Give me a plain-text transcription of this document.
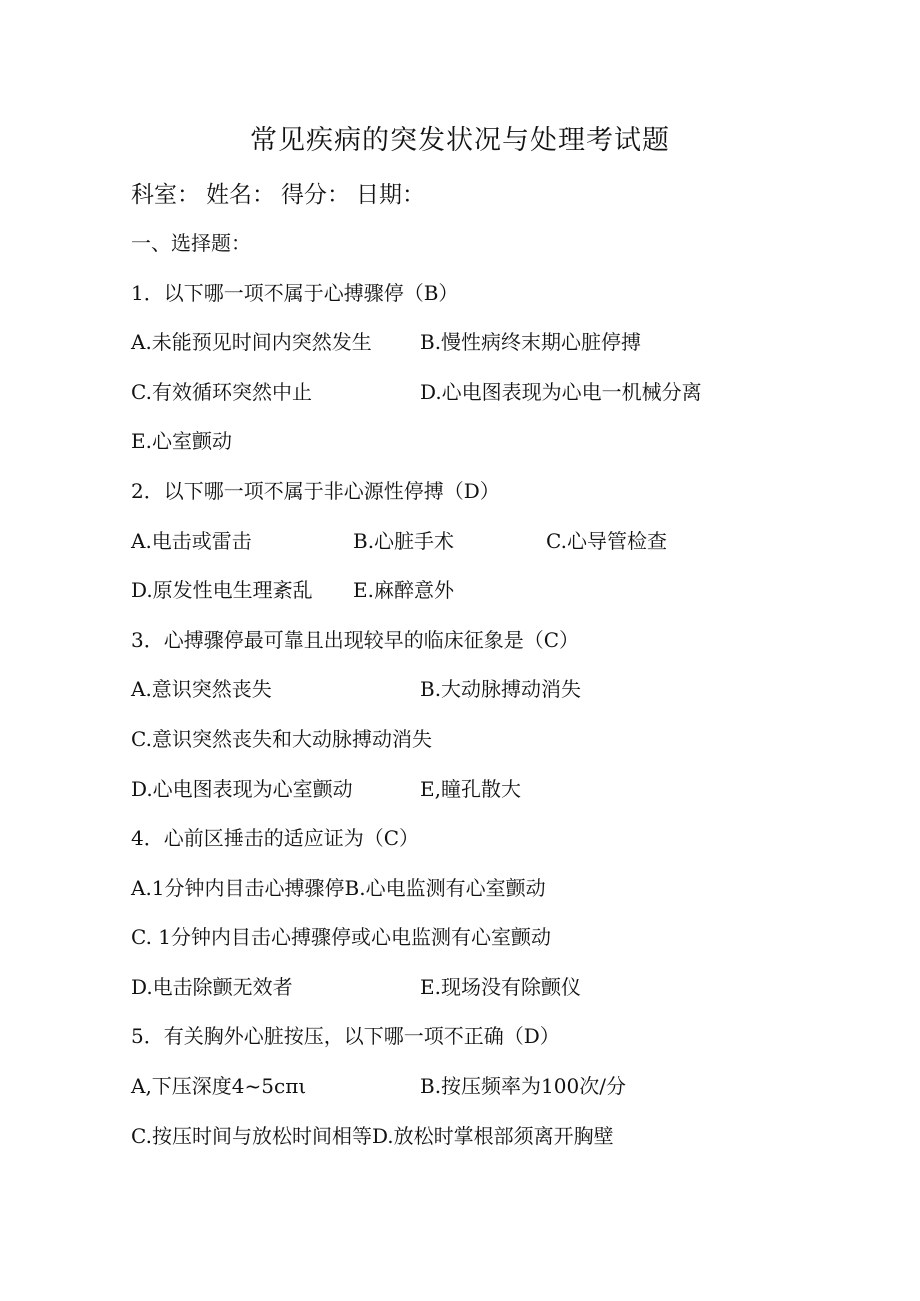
常见疾病的突发状况与处理考试题
科室： 姓名： 得分： 日期：
一、选择题：
1．以下哪一项不属于心搏骤停（B）
A.未能预见时间内突然发生 B.慢性病终末期心脏停搏
C.有效循环突然中止	D.心电图表现为心电一机械分离
E.心室颤动
2．以下哪一项不属于非心源性停搏（D）
A.电击或雷击	B.心脏手术	C.心导管检查
D.原发性电生理紊乱 E.麻醉意外
3．心搏骤停最可靠且出现较早的临床征象是（C）
A.意识突然丧失	B.大动脉搏动消失
C.意识突然丧失和大动脉搏动消失
D.心电图表现为心室颤动	E,瞳孔散大
4．心前区捶击的适应证为（C）
A.1分钟内目击心搏骤停B.心电监测有心室颤动
C. 1分钟内目击心搏骤停或心电监测有心室颤动
D.电击除颤无效者	E.现场没有除颤仪
5．有关胸外心脏按压，以下哪一项不正确（D）
A,下压深度4~5cπι	B.按压频率为100次/分
C.按压时间与放松时间相等D.放松时掌根部须离开胸壁
